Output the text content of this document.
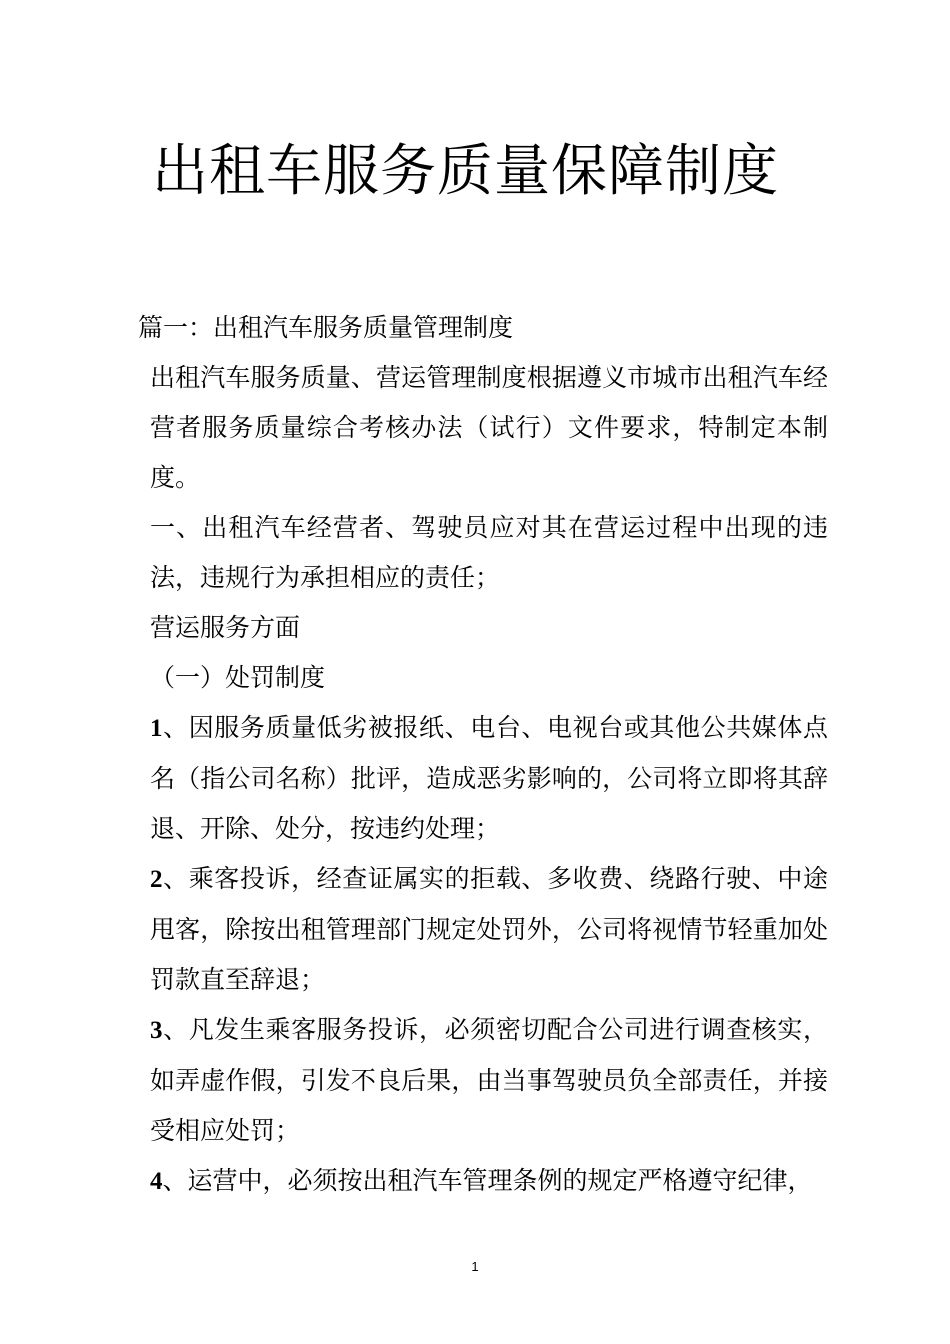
出租车服务质量保障制度

篇一：出租汽车服务质量管理制度

出租汽车服务质量、营运管理制度根据遵义市城市出租汽车经营者服务质量综合考核办法（试行）文件要求，特制定本制度。

一、出租汽车经营者、驾驶员应对其在营运过程中出现的违法，违规行为承担相应的责任；

营运服务方面

（一）处罚制度

1、因服务质量低劣被报纸、电台、电视台或其他公共媒体点名（指公司名称）批评，造成恶劣影响的，公司将立即将其辞退、开除、处分，按违约处理；

2、乘客投诉，经查证属实的拒载、多收费、绕路行驶、中途甩客，除按出租管理部门规定处罚外，公司将视情节轻重加处罚款直至辞退；

3、凡发生乘客服务投诉，必须密切配合公司进行调查核实，如弄虚作假，引发不良后果，由当事驾驶员负全部责任，并接受相应处罚；

4、运营中，必须按出租汽车管理条例的规定严格遵守纪律，

1
